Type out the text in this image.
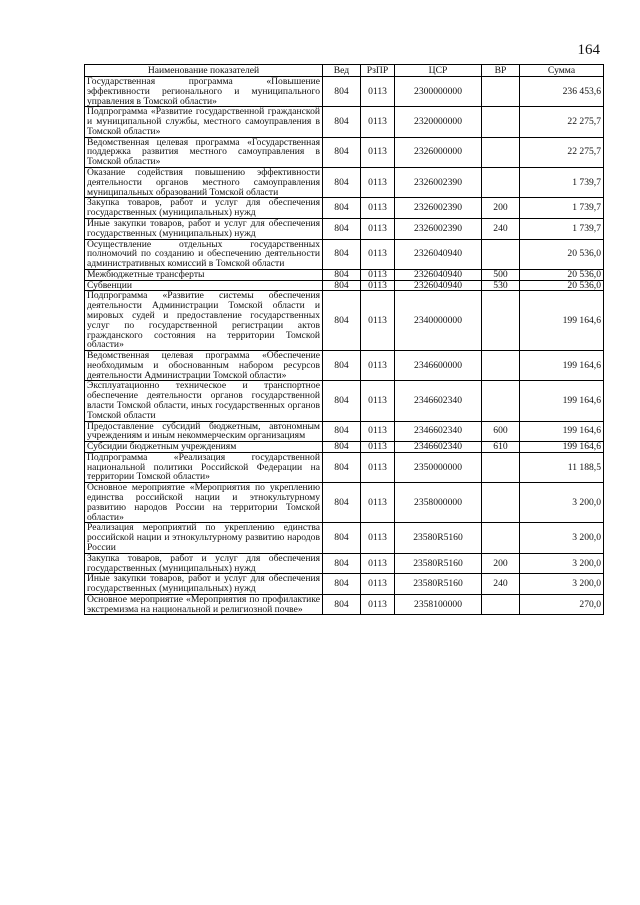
164
Наименование показателей	Вед	РзПР	ЦСР	ВР	Сумма
Государственная программа «Повышение эффективности регионального и муниципального управления в Томской области»	804	0113	2300000000		236 453,6
Подпрограмма «Развитие государственной гражданской и муниципальной службы, местного самоуправления в Томской области»	804	0113	2320000000		22 275,7
Ведомственная целевая программа «Государственная поддержка развития местного самоуправления в Томской области»	804	0113	2326000000		22 275,7
Оказание содействия повышению эффективности деятельности органов местного самоуправления муниципальных образований Томской области	804	0113	2326002390		1 739,7
Закупка товаров, работ и услуг для обеспечения государственных (муниципальных) нужд	804	0113	2326002390	200	1 739,7
Иные закупки товаров, работ и услуг для обеспечения государственных (муниципальных) нужд	804	0113	2326002390	240	1 739,7
Осуществление отдельных государственных полномочий по созданию и обеспечению деятельности административных комиссий в Томской области	804	0113	2326040940		20 536,0
Межбюджетные трансферты	804	0113	2326040940	500	20 536,0
Субвенции	804	0113	2326040940	530	20 536,0
Подпрограмма «Развитие системы обеспечения деятельности Администрации Томской области и мировых судей и предоставление государственных услуг по государственной регистрации актов гражданского состояния на территории Томской области»	804	0113	2340000000		199 164,6
Ведомственная целевая программа «Обеспечение необходимым и обоснованным набором ресурсов деятельности Администрации Томской области»	804	0113	2346600000		199 164,6
Эксплуатационно техническое и транспортное обеспечение деятельности органов государственной власти Томской области, иных государственных органов Томской области	804	0113	2346602340		199 164,6
Предоставление субсидий бюджетным, автономным учреждениям и иным некоммерческим организациям	804	0113	2346602340	600	199 164,6
Субсидии бюджетным учреждениям	804	0113	2346602340	610	199 164,6
Подпрограмма «Реализация государственной национальной политики Российской Федерации на территории Томской области»	804	0113	2350000000		11 188,5
Основное мероприятие «Мероприятия по укреплению единства российской нации и этнокультурному развитию народов России на территории Томской области»	804	0113	2358000000		3 200,0
Реализация мероприятий по укреплению единства российской нации и этнокультурному развитию народов России	804	0113	23580R5160		3 200,0
Закупка товаров, работ и услуг для обеспечения государственных (муниципальных) нужд	804	0113	23580R5160	200	3 200,0
Иные закупки товаров, работ и услуг для обеспечения государственных (муниципальных) нужд	804	0113	23580R5160	240	3 200,0
Основное мероприятие «Мероприятия по профилактике экстремизма на национальной и религиозной почве»	804	0113	2358100000		270,0
